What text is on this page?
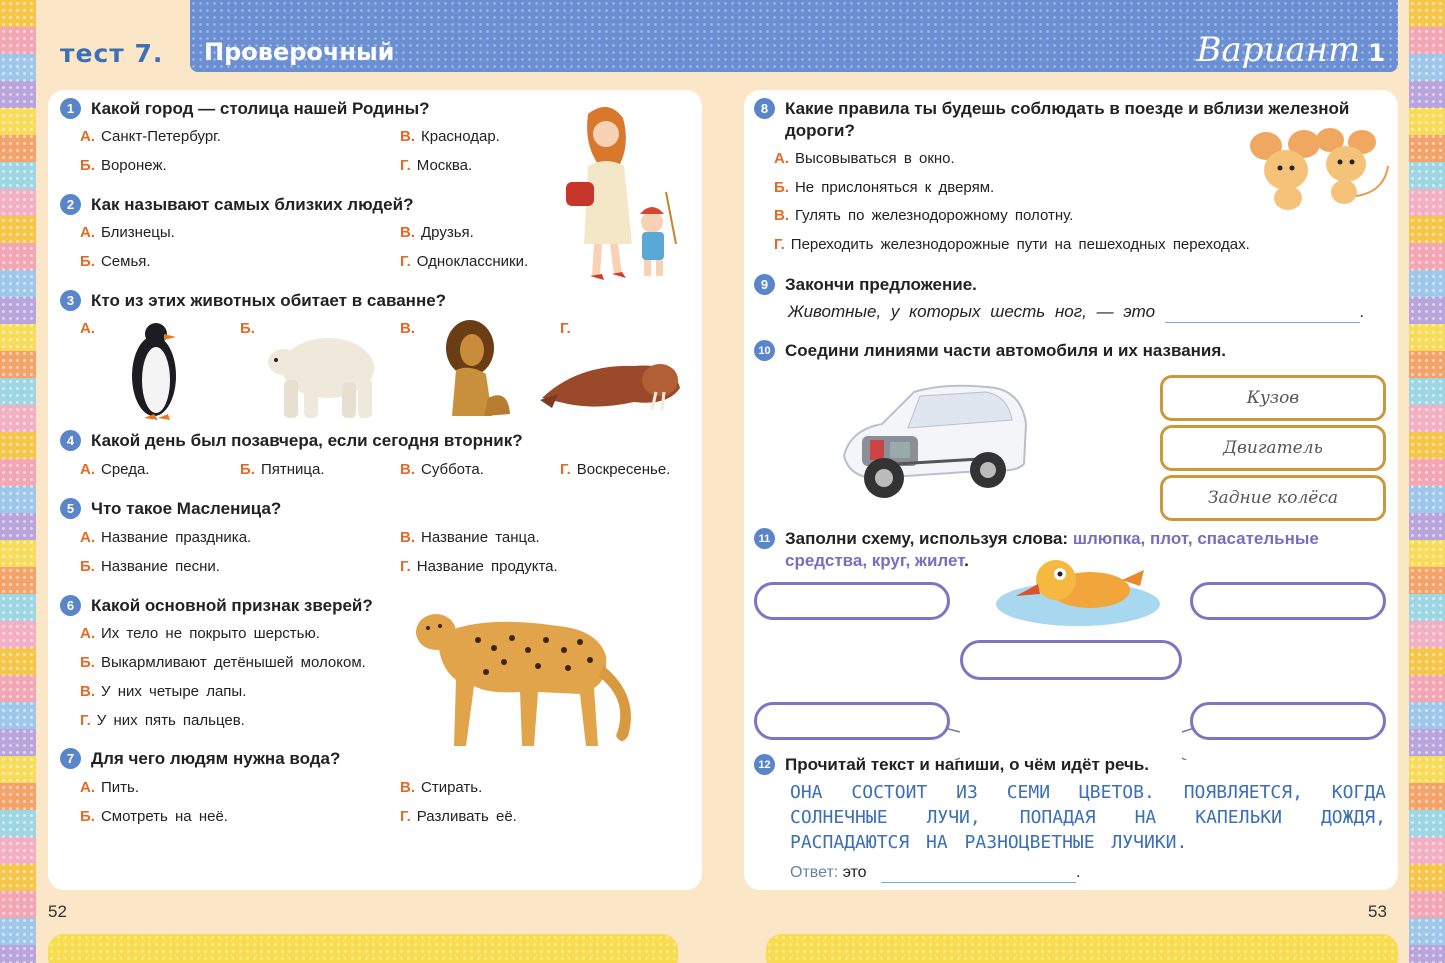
тест 7. Проверочный	Вариант 1
1 Какой город — столица нашей Родины?
А. Санкт-Петербург.
Б. Воронеж.
В. Краснодар.
Г. Москва.
2 Как называют самых близких людей?
А. Близнецы.
Б. Семья.
В. Друзья.
Г. Одноклассники.
3 Кто из этих животных обитает в саванне?
А.	Б.	В.	Г.
4 Какой день был позавчера, если сегодня вторник?
А. Среда.	Б. Пятница.	В. Суббота.	Г. Воскресенье.
5 Что такое Масленица?
А. Название праздника.
Б. Название песни.
В. Название танца.
Г. Название продукта.
6 Какой основной признак зверей?
А. Их тело не покрыто шерстью.
Б. Выкармливают детёнышей молоком.
В. У них четыре лапы.
Г. У них пять пальцев.
7 Для чего людям нужна вода?
А. Пить.
Б. Смотреть на неё.
В. Стирать.
Г. Разливать её.
8 Какие правила ты будешь соблюдать в поезде и вблизи железной
дороги?
А. Высовываться в окно.
Б. Не прислоняться к дверям.
В. Гулять по железнодорожному полотну.
Г. Переходить железнодорожные пути на пешеходных переходах.
9 Закончи предложение.
Животные, у которых шесть ног, — это	.
10 Соедини линиями части автомобиля и их названия.
Кузов
Двигатель
Задние колёса
11 Заполни схему, используя слова: шлюпка, плот, спасательные
средства, круг, жилет.
12 Прочитай текст и напиши, о чём идёт речь.
ОНА СОСТОИТ ИЗ СЕМИ ЦВЕТОВ. ПОЯВЛЯЕТСЯ, КОГДА СОЛНЕЧНЫЕ ЛУЧИ, ПОПАДАЯ НА КАПЕЛЬКИ ДОЖДЯ, РАСПАДАЮТСЯ НА РАЗНОЦВЕТНЫЕ ЛУЧИКИ.
Ответ: это	.
52	53
